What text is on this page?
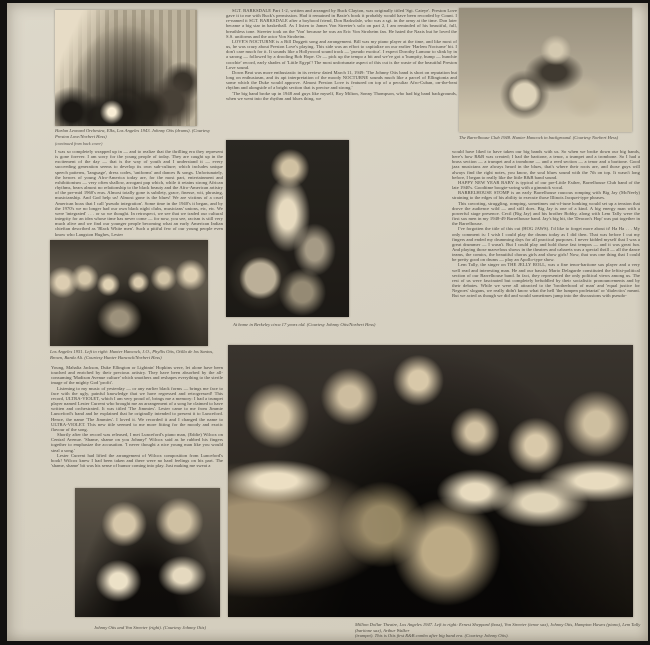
Harlan Leonard Orchestra, Elks, Los Angeles 1943. Johnny Otis (drums). (Courtesy Preston Love/Norbert Hess)
(continued from back cover)

I was so completely wrapped up in — and to realize that the thrilling era they represent is gone forever. I am sorry for the young people of today. They are caught up in the excitement of the day — that is the way of youth and I understand it — every succeeding generation seems to develop its own sub-culture; which includes unique speech patterns, 'language', dress codes, 'uniforms' and dances & songs. Unfortunately, the heroes of young Afro-America today are, for the most part, entertainment and exhibitionism — very often shallow, arrogant pap which, while it retains strong African rhythms, bears almost no relationship to the black beauty and the Afro-American artistry of the pre-mid 1960's eras. Almost totally gone is subtlety, grace, finesse, wit, phrasing, musicianship. And God help us! Almost gone is the blues! We are victims of a cruel American hoax that I call 'pseudo integration'. Some time in the 1940's it began, and by the 1970's we no longer had our own black night clubs, musicians' unions, etc, etc. We were 'integrated' . . . or so we thought. In retrospect, we see that we traded our cultural integrity for an idea whose time has never come — for now, you see, racism is still very much alive and we find our younger people becoming what an early American Indian chieftan described as 'Black White men'. Such a pitiful few of our young people even know who Langston Hughes, Lester

Los Angeles 1951. Left to right: Hunter Hancock, J.O., Phyllis Otis, Otilla de los Santos, Brown, Bardu Ali. (Courtesy Hunter Hancock/Norbert Hess)

Young, Mahalia Jackson, Duke Ellington or Lightnin' Hopkins were, let alone have been touched and enriched by their precious artistry. They have been absorbed by the all-consuming 'Madison Avenue culture' which smothers and reshapes everything to the sterile image of the mighty God 'profit'.

Listening to my music of yesterday — or any earlier black forms — brings me face to face with the ugly, painful knowledge that we have regressed and retrogressed! This record, ULTRA-VIOLET, which I am very proud of, brings me a memory: I had a trumpet player named Lester Current who brought me an arrangement of a song he claimed to have written and orchestrated. It was titled 'The Jimmies'. Lester came to me from Jimmie Lunceford's band and he explained that he originally intended to present it to Lunceford. Hence, the name 'The Jimmies'. I loved it. We recorded it and I changed the name to ULTRA-VIOLET. This new title seemed to me more fitting for the moody and exotic flavour of the song.

Shortly after the record was released, I met Lunceford's piano man, (Eddie) Wilcox on Central Avenue. 'Shame, shame on you Johnny!' Wilcox said as he rubbed his fingers together to emphasize the accusation. 'I never thought a nice young man like you would steal a song.'

Lester Current had lifted the arrangement of Wilcox composition from Lunceford's book! Wilcox knew I had been taken and there were no hard feelings on his part. The 'shame, shame' bit was his sense of humor coming into play. Just making me sweat a

Johnny Otis and Von Streeter (right). (Courtesy Johnny Otis)

SGT. BARKSDALE Part 1-2, written and arranged by Buck Clayton, was originally titled 'Sgt. Cateye'. Preston Love gave it to me with Buck's permission. Had it remained in Basie's book it probably would have been recorded by Count. I re-named it SGT. BARKSDALE after a boyhood friend, Don Barksdale, who was a sgt. in the army at the time. Don later became a big star in basketball. As I listen to James Von Streeter's solo on part 2, I am reminded of his beautiful, full, breathless tone. Streeter took on the 'Von' because he was an Eric Von Stroheim fan. He hated the Nazis but he loved the S.S. uniforms and the actor Von Stroheim.

LOVE'S NOCTURNE is a Bill Doggett song and arrangement. Bill was my piano player at the time, and like most of us, he was crazy about Preston Love's playing. This side was an effort to capitalize on our earlier 'Harlem Nocturne' bit. I don't care much for it. It sounds like a Hollywood sound track — 'pseudo exotica'. I expect Dorothy Lamour to slink by in a sarong — followed by a drooling Bob Hope. Or — pick up the tempo a bit and we've got a 'humpity, bump — hunchie coochie' record, early shades of 'Little Egypt'! The most unfortunate aspect of this cut is the waste of the beautiful Preston Love sound.

Down Beat was more enthusiastic in its review dated March 11, 1949: 'The Johnny Otis band is short on reputation but long on enthusiasm, and its apt interpretation of the moody NOCTURNE sounds much like a parcel of Ellingtonia and some which the Duke would approve. Almost Preston Love is featured on top of a peculiar Afro-Cuban, on-the-beat rhythm and alongside of a bright section that is precise and strong.'

'The big band broke up in 1948 and guys like myself, Roy Milton, Sonny Thompson, who had big band backgrounds, when we went into the rhythm and blues thing, we

At home in Berkeley circa 17 years old. (Courtesy Johnny Otis/Norbert Hess)
The Barrelhouse Club 1948. Hunter Hancock in background. (Courtesy Norbert Hess)

would have liked to have taken our big bands with us. So when we broke down our big bands, here's how R&B was created; I had the baritone, a tenor, a trumpet and a trombone. So I had a brass section — a trumpet and a trombone — and a reed section — a tenor and a baritone. Good jazz musicians are always heard in the blues, that's where their roots are, and those guys will always find the right notes, you know, the soul blues sound with the 7th on top. It wasn't long before, I began to really like the little R&B band sound.

HAPPY NEW YEAR BABY is typical of our pre-Little Esther, Barrelhouse Club band of the late 1940's. Goodtime boogie-swing with a gimmick vocal.

BARRELHOUSE STOMP is an early Barrelhouse raucous romping with Big Jay (McNeely) straining to the edges of his ability to execute those Illinois Jacquet-type phrases.

This cavorting, struggling, romping, sometimes out-of-tune honking would set up a tension that drove the audience wild — and still does. Big Jay is one of a kind. A big energy man with a powerful stage presence. Cecil (Big Jay) and his brother Bobby, along with Lem Tally were the first sax men in my 1948-49 Barrelhouse band. Jay's big hit, the 'Deacon's Hop' was put together in the Barrelhouse.

I've forgotten the title of this cut (HOG JAWS). I'd like to forget more about it! Ha Ha . . . My only comment is: I wish I could play the drums today as I did then. That was before I cut my fingers and ended my drumming days for all practical purposes. I never kidded myself that I was a great drummer — I wasn't. But I could play and hold those fast tempos — and it was great fun. And playing those marvelous shows in the theatres and cabarets was a special thrill — all the dance teams, the comics, the beautiful chorus girls and show girls! Now, that was one thing that I could be pretty good on drums — play an Apollo-type show.

Lem Tally, the singer on THE JELLY ROLL, was a fine tenor-baritone sax player and a very well read and interesting man. He and our bassist Mario Delagarde constituted the leftist-political section of our Barrelhouse band. In fact, they represented the only political views among us. The rest of us were fascinated but completely befuddled by their socialistic pronouncements and by their debates. While we were all attracted to the 'brotherhood of man' and 'equal justice for Negroes' slogans, we really didn't know what the hell 'the lumpen proletariat' or 'dialectics' meant. But we acted as though we did and would sometimes jump into the discussions with pseudo-

Million Dollar Theatre, Los Angeles 1947. Left to right: Ernest Sheppard (bass), Von Streeter (tenor sax), Johnny Otis, Hampton Hawes (piano), Lem Tally (baritone sax), Arthur Walker
(trumpet). This is Otis first R&B combo after big band era. (Courtesy Johnny Otis).
